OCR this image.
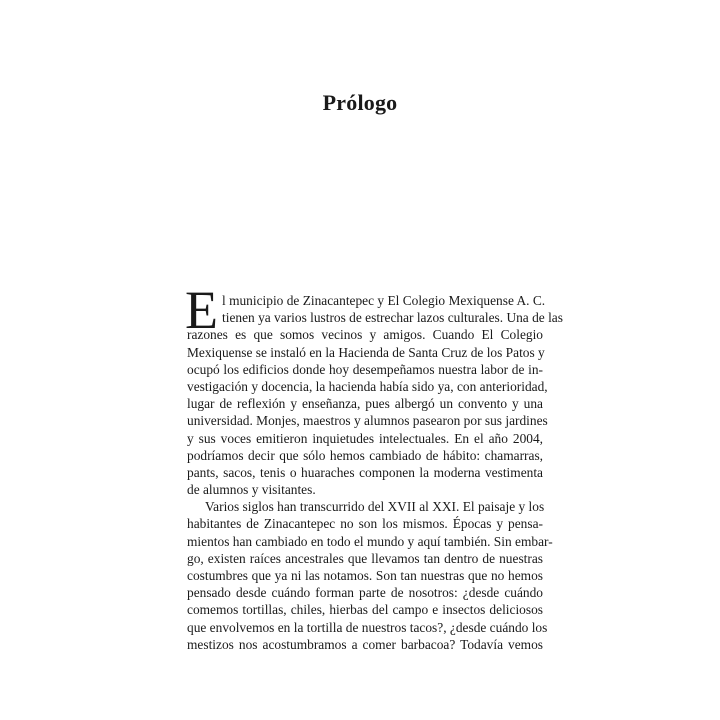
Prólogo
E l municipio de Zinacantepec y El Colegio Mexiquense A. C.
tienen ya varios lustros de estrechar lazos culturales. Una de las
razones es que somos vecinos y amigos. Cuando El Colegio
Mexiquense se instaló en la Hacienda de Santa Cruz de los Patos y
ocupó los edificios donde hoy desempeñamos nuestra labor de in-
vestigación y docencia, la hacienda había sido ya, con anterioridad,
lugar de reflexión y enseñanza, pues albergó un convento y una
universidad. Monjes, maestros y alumnos pasearon por sus jardines
y sus voces emitieron inquietudes intelectuales. En el año 2004,
podríamos decir que sólo hemos cambiado de hábito: chamarras,
pants, sacos, tenis o huaraches componen la moderna vestimenta
de alumnos y visitantes.
Varios siglos han transcurrido del XVII al XXI. El paisaje y los
habitantes de Zinacantepec no son los mismos. Épocas y pensa-
mientos han cambiado en todo el mundo y aquí también. Sin embar-
go, existen raíces ancestrales que llevamos tan dentro de nuestras
costumbres que ya ni las notamos. Son tan nuestras que no hemos
pensado desde cuándo forman parte de nosotros: ¿desde cuándo
comemos tortillas, chiles, hierbas del campo e insectos deliciosos
que envolvemos en la tortilla de nuestros tacos?, ¿desde cuándo los
mestizos nos acostumbramos a comer barbacoa? Todavía vemos
